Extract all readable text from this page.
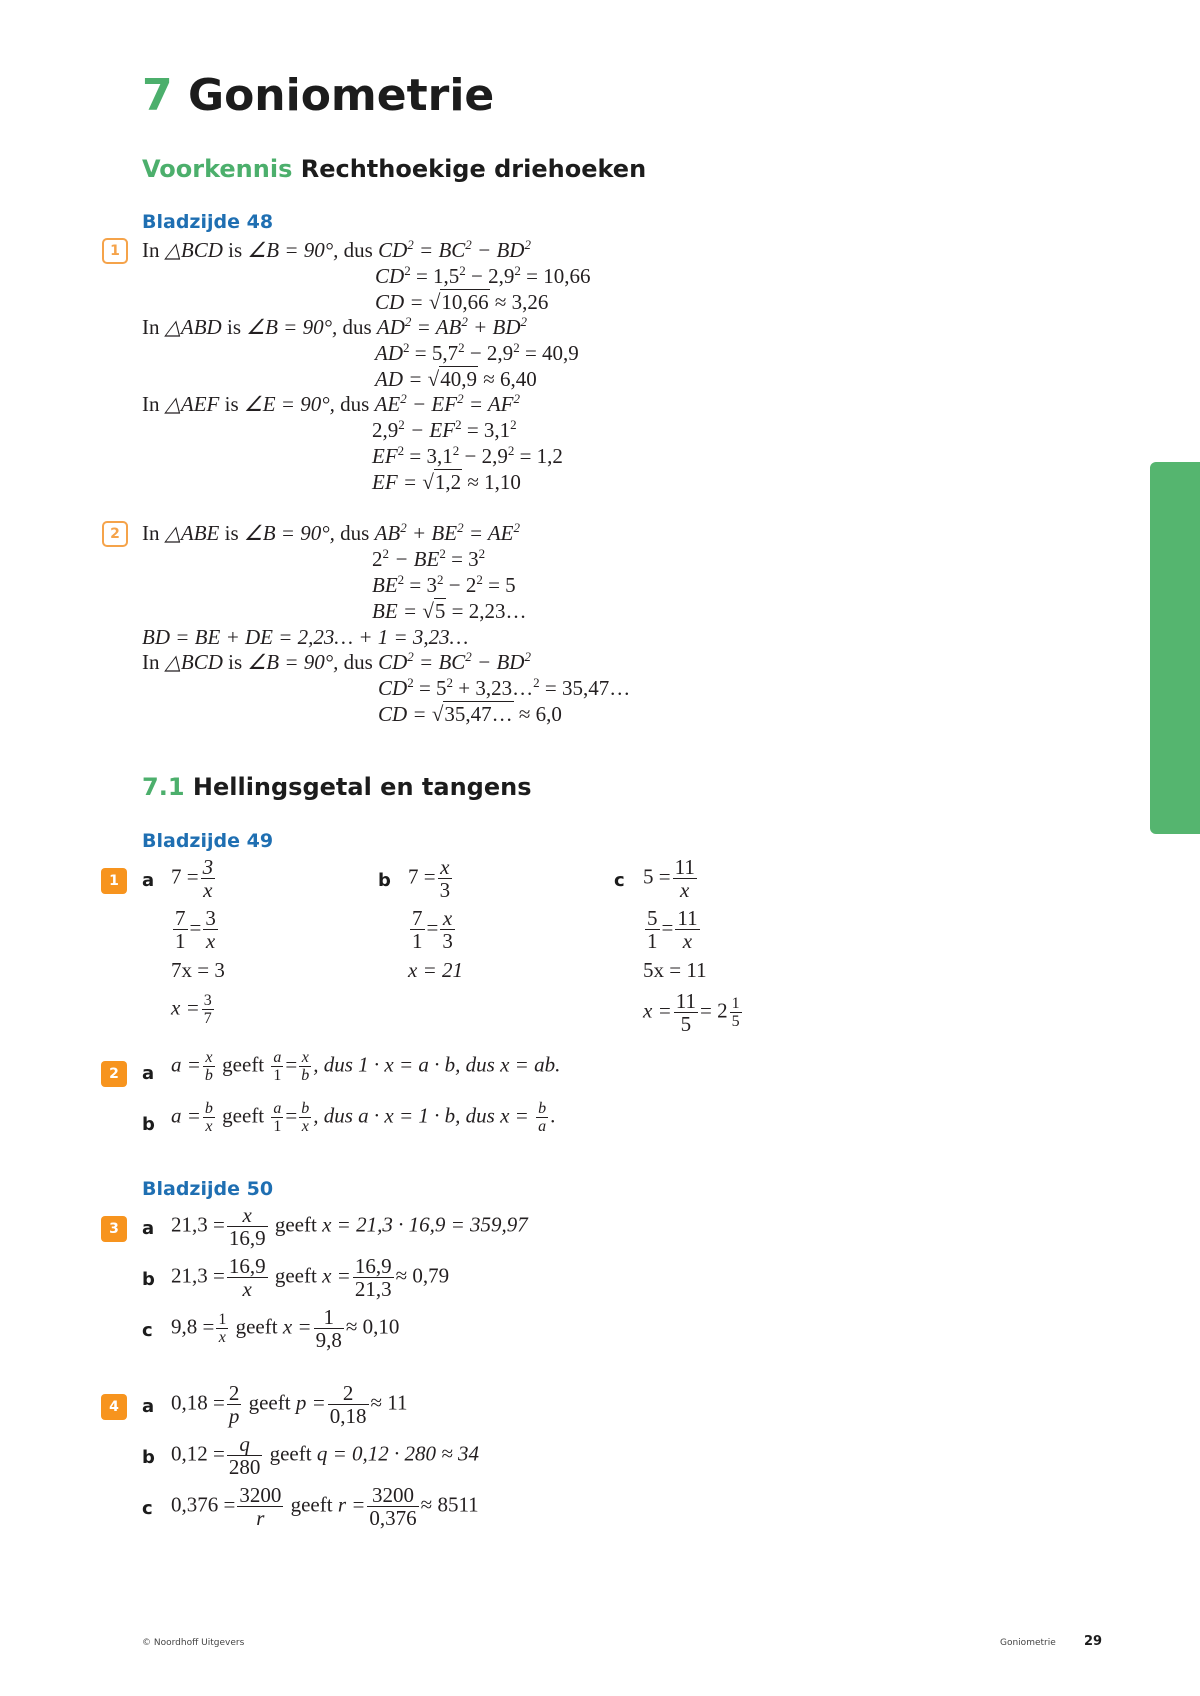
7 Goniometrie
Voorkennis Rechthoekige driehoeken
Bladzijde 48
1	In △BCD is ∠B = 90°, dus $CD^2 = BC^2 - BD^2$
$CD^2 = 1,5^2 - 2,9^2 = 10,66$
CD = √10,66 ≈ 3,26
In △ABD is ∠B = 90°, dus $AD^2 = AB^2 + BD^2$
$AD^2 = 5,7^2 - 2,9^2 = 40,9$
AD = √40,9 ≈ 6,40
In △AEF is ∠E = 90°, dus $AE^2 - EF^2 = AF^2$
$2,9^2 - EF^2 = 3,1^2$
$EF^2 = 3,1^2 - 2,9^2 = 1,2$
EF = √1,2 ≈ 1,10
2	In △ABE is ∠B = 90°, dus $AB^2 + BE^2 = AE^2$
$2^2 - BE^2 = 3^2$
$BE^2 = 3^2 - 2^2 = 5$
BE = √5 = 2,23…
BD = BE + DE = 2,23… + 1 = 3,23…
In △BCD is ∠B = 90°, dus $CD^2 = BC^2 - BD^2$
$CD^2 = 5^2$ + 3,23…$^2$ = 35,47…
CD = √35,47… ≈ 6,0
7.1 Hellingsgetal en tangens
Bladzijde 49
1	a $7 = \frac{3}{x}$
$\frac{7}{1} = \frac{3}{x}$
7x = 3
$x = \frac{3}{7}$
b $7 = \frac{x}{3}$
$\frac{7}{1} = \frac{x}{3}$
x = 21
c $5 = \frac{11}{x}$
$\frac{5}{1} = \frac{11}{x}$
5x = 11
$x = \frac{11}{5} = 2 \frac{1}{5}$
2	a $a = \frac{x}{b}$ geeft $\frac{a}{1} = \frac{x}{b}$ , dus 1 · x = a · b, dus x = ab.
b $a = \frac{b}{x}$ geeft $\frac{a}{1} = \frac{b}{x}$ , dus a · x = 1 · b, dus $x = \frac{b}{a}$ .
Bladzijde 50
3	a $21,3 = \frac{x}{16,9}$ geeft x = 21,3 · 16,9 = 359,97
b $21,3 = \frac{16,9}{x}$ geeft $x = \frac{16,9}{21,3} \approx 0,79$
c $9,8 = \frac{1}{x}$ geeft $x = \frac{1}{9,8} \approx 0,10$
4	a $0,18 = \frac{2}{p}$ geeft $p = \frac{2}{0,18} \approx 11$
b $0,12 = \frac{q}{280}$ geeft q = 0,12 · 280 ≈ 34
c $0,376 = \frac{3200}{r}$ geeft $r = \frac{3200}{0,376} \approx 8511$
© Noordhoff Uitgevers	Goniometrie 29
